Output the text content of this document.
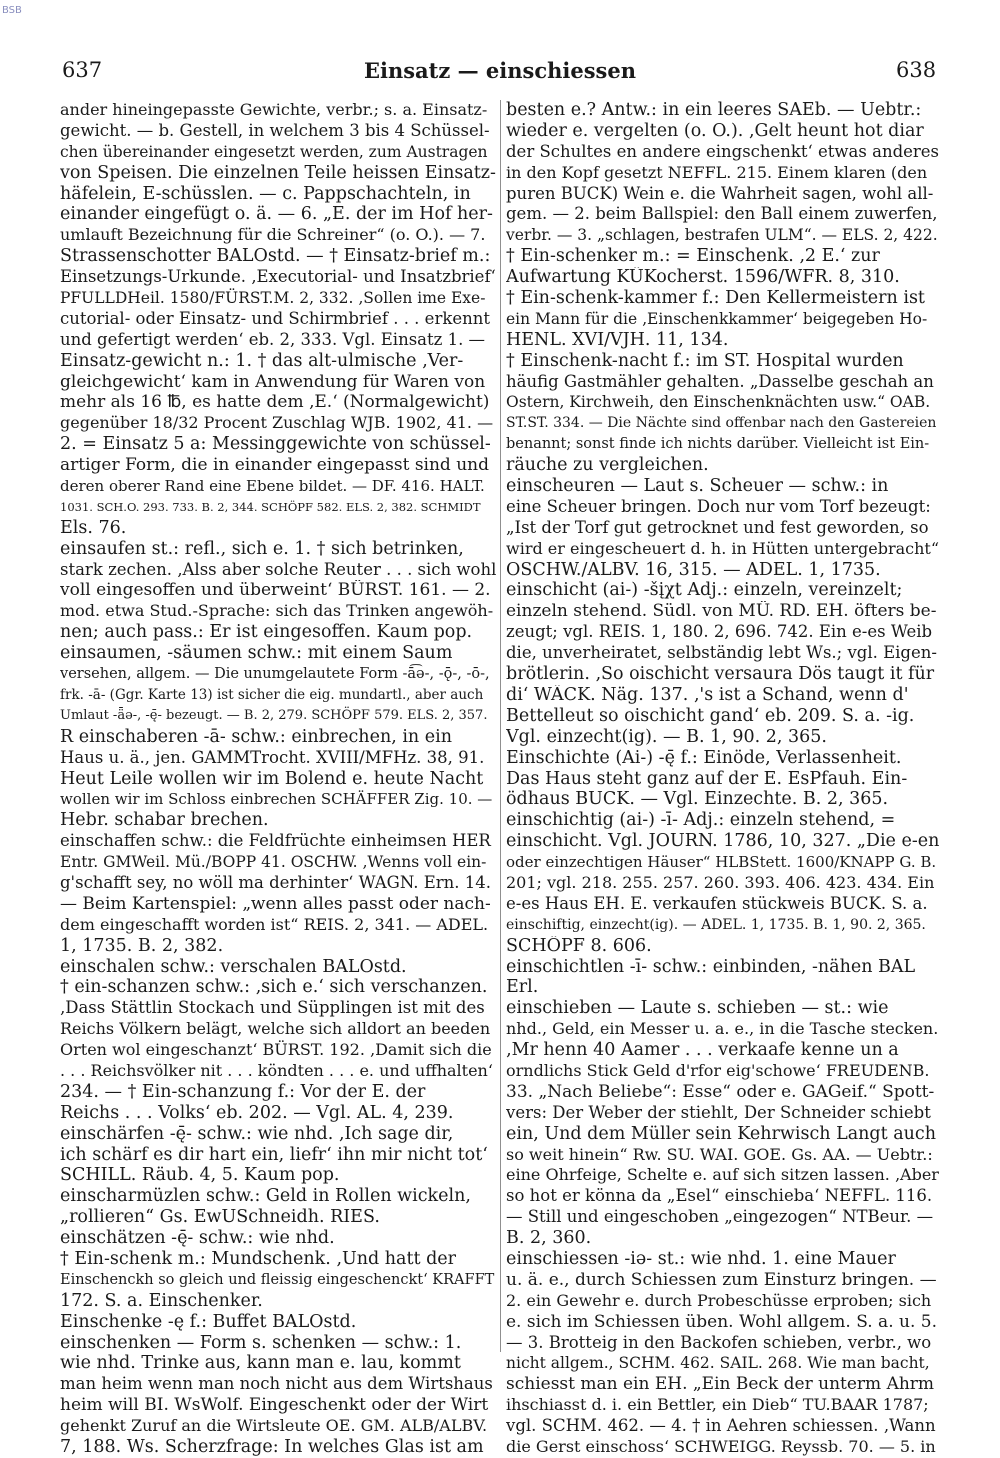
BSB
637	Einsatz — einschiessen	638
ander hineingepasste Gewichte, verbr.; s. a. Einsatz-
gewicht. — b. Gestell, in welchem 3 bis 4 Schüssel-
chen übereinander eingesetzt werden, zum Austragen
von Speisen. Die einzelnen Teile heissen Einsatz-
häfelein, E-schüsslen. — c. Pappschachteln, in
einander eingefügt o. ä. — 6. „E. der im Hof her-
umlauft Bezeichnung für die Schreiner“ (o. O.). — 7.
Strassenschotter BALOstd. — † Einsatz-brief m.:
Einsetzungs-Urkunde. ‚Executorial- und Insatzbrief‘
PFULLDHeil. 1580/FÜRST.M. 2, 332. ‚Sollen ime Exe-
cutorial- oder Einsatz- und Schirmbrief . . . erkennt
und gefertigt werden‘ eb. 2, 333. Vgl. Einsatz 1. —
Einsatz-gewicht n.: 1. † das alt-ulmische ‚Ver-
gleichgewicht‘ kam in Anwendung für Waren von
mehr als 16 ℔, es hatte dem ‚E.‘ (Normalgewicht)
gegenüber 18/32 Procent Zuschlag WJB. 1902, 41. —
2. = Einsatz 5 a: Messinggewichte von schüssel-
artiger Form, die in einander eingepasst sind und
deren oberer Rand eine Ebene bildet. — DF. 416. HALT.
1031. SCH.O. 293. 733. B. 2, 344. SCHÖPF 582. ELS. 2, 382. SCHMIDT
Els. 76.
einsaufen st.: refl., sich e. 1. † sich betrinken,
stark zechen. ‚Alss aber solche Reuter . . . sich wohl
voll eingesoffen und überweint‘ BÜRST. 161. — 2.
mod. etwa Stud.-Sprache: sich das Trinken angewöh-
nen; auch pass.: Er ist eingesoffen. Kaum pop.
einsaumen, -säumen schw.: mit einem Saum
versehen, allgem. — Die unumgelautete Form -ā͡ə-, -ǭ-, -ō-,
frk. -ā- (Ggr. Karte 13) ist sicher die eig. mundartl., aber auch
Umlaut -ǟə-, -ę̄- bezeugt. — B. 2, 279. SCHÖPF 579. ELS. 2, 357.
R einschaberen -ā- schw.: einbrechen, in ein
Haus u. ä., jen. GAMMTrocht. XVIII/MFHz. 38, 91.
Heut Leile wollen wir im Bolend e. heute Nacht
wollen wir im Schloss einbrechen SCHÄFFER Zig. 10. —
Hebr. schabar brechen.
einschaffen schw.: die Feldfrüchte einheimsen HER
Entr. GMWeil. Mü./BOPP 41. OSCHW. ‚Wenns voll ein-
g'schafft sey, no wöll ma derhinter‘ WAGN. Ern. 14.
— Beim Kartenspiel: „wenn alles passt oder nach-
dem eingeschafft worden ist“ REIS. 2, 341. — ADEL.
1, 1735. B. 2, 382.
einschalen schw.: verschalen BALOstd.
† ein-schanzen schw.: ‚sich e.‘ sich verschanzen.
‚Dass Stättlin Stockach und Süpplingen ist mit des
Reichs Völkern belägt, welche sich alldort an beeden
Orten wol eingeschanzt‘ BÜRST. 192. ‚Damit sich die
. . . Reichsvölker nit . . . köndten . . . e. und uffhalten‘
234. — † Ein-schanzung f.: Vor der E. der
Reichs . . . Volks‘ eb. 202. — Vgl. AL. 4, 239.
einschärfen -ę̄- schw.: wie nhd. ‚Ich sage dir,
ich schärf es dir hart ein, liefr‘ ihn mir nicht tot‘
SCHILL. Räub. 4, 5. Kaum pop.
einscharmüzlen schw.: Geld in Rollen wickeln,
„rollieren“ Gs. EwUSchneidh. RIES.
einschätzen -ę̄- schw.: wie nhd.
† Ein-schenk m.: Mundschenk. ‚Und hatt der
Einschenckh so gleich und fleissig eingeschenckt‘ KRAFFT
172. S. a. Einschenker.
Einschenke -ę f.: Buffet BALOstd.
einschenken — Form s. schenken — schw.: 1.
wie nhd. Trinke aus, kann man e. lau, kommt
man heim wenn man noch nicht aus dem Wirtshaus
heim will BI. WsWolf. Eingeschenkt oder der Wirt
gehenkt Zuruf an die Wirtsleute OE. GM. ALB/ALBV.
7, 188. Ws. Scherzfrage: In welches Glas ist am
besten e.? Antw.: in ein leeres SAEb. — Uebtr.:
wieder e. vergelten (o. O.). ‚Gelt heunt hot diar
der Schultes en andere eingschenkt‘ etwas anderes
in den Kopf gesetzt NEFFL. 215. Einem klaren (den
puren BUCK) Wein e. die Wahrheit sagen, wohl all-
gem. — 2. beim Ballspiel: den Ball einem zuwerfen,
verbr. — 3. „schlagen, bestrafen ULM“. — ELS. 2, 422.
† Ein-schenker m.: = Einschenk. ‚2 E.‘ zur
Aufwartung KÜKocherst. 1596/WFR. 8, 310.
† Ein-schenk-kammer f.: Den Kellermeistern ist
ein Mann für die ‚Einschenkkammer‘ beigegeben Ho-
HENL. XVI/VJH. 11, 134.
† Einschenk-nacht f.: im ST. Hospital wurden
häufig Gastmähler gehalten. „Dasselbe geschah an
Ostern, Kirchweih, den Einschenknächten usw.“ OAB.
ST.ST. 334. — Die Nächte sind offenbar nach den Gastereien
benannt; sonst finde ich nichts darüber. Vielleicht ist Ein-
räuche zu vergleichen.
einscheuren — Laut s. Scheuer — schw.: in
eine Scheuer bringen. Doch nur vom Torf bezeugt:
„Ist der Torf gut getrocknet und fest geworden, so
wird er eingescheuert d. h. in Hütten untergebracht“
OSCHW./ALBV. 16, 315. — ADEL. 1, 1735.
einschicht (ai-) -šįχt Adj.: einzeln, vereinzelt;
einzeln stehend. Südl. von MÜ. RD. EH. öfters be-
zeugt; vgl. REIS. 1, 180. 2, 696. 742. Ein e-es Weib
die, unverheiratet, selbständig lebt Ws.; vgl. Eigen-
brötlerin. ‚So oischicht versaura Dös taugt it für
di‘ WÄCK. Näg. 137. ‚'s ist a Schand, wenn d'
Bettelleut so oischicht gand‘ eb. 209. S. a. -ig.
Vgl. einzecht(ig). — B. 1, 90. 2, 365.
Einschichte (Ai-) -ę̄ f.: Einöde, Verlassenheit.
Das Haus steht ganz auf der E. EsPfauh. Ein-
ödhaus BUCK. — Vgl. Einzechte. B. 2, 365.
einschichtig (ai-) -ī- Adj.: einzeln stehend, =
einschicht. Vgl. JOURN. 1786, 10, 327. „Die e-en
oder einzechtigen Häuser“ HLBStett. 1600/KNAPP G. B.
201; vgl. 218. 255. 257. 260. 393. 406. 423. 434. Ein
e-es Haus EH. E. verkaufen stückweis BUCK. S. a.
einschiftig, einzecht(ig). — ADEL. 1, 1735. B. 1, 90. 2, 365.
SCHÖPF 8. 606.
einschichtlen -ī- schw.: einbinden, -nähen BAL
Erl.
einschieben — Laute s. schieben — st.: wie
nhd., Geld, ein Messer u. a. e., in die Tasche stecken.
‚Mr henn 40 Aamer . . . verkaafe kenne un a
orndlichs Stick Geld d'rfor eig'schowe‘ FREUDENB.
33. „Nach Beliebe“: Esse“ oder e. GAGeif.“ Spott-
vers: Der Weber der stiehlt, Der Schneider schiebt
ein, Und dem Müller sein Kehrwisch Langt auch
so weit hinein“ Rw. SU. WAI. GOE. Gs. AA. — Uebtr.:
eine Ohrfeige, Schelte e. auf sich sitzen lassen. ‚Aber
so hot er könna da „Esel“ einschieba‘ NEFFL. 116.
— Still und eingeschoben „eingezogen“ NTBeur. —
B. 2, 360.
einschiessen -iə- st.: wie nhd. 1. eine Mauer
u. ä. e., durch Schiessen zum Einsturz bringen. —
2. ein Gewehr e. durch Probeschüsse erproben; sich
e. sich im Schiessen üben. Wohl allgem. S. a. u. 5.
— 3. Brotteig in den Backofen schieben, verbr., wo
nicht allgem., SCHM. 462. SAIL. 268. Wie man bacht,
schiesst man ein EH. „Ein Beck der unterm Ahrm
ihschiasst d. i. ein Bettler, ein Dieb“ TU.BAAR 1787;
vgl. SCHM. 462. — 4. † in Aehren schiessen. ‚Wann
die Gerst einschoss‘ SCHWEIGG. Reyssb. 70. — 5. in
